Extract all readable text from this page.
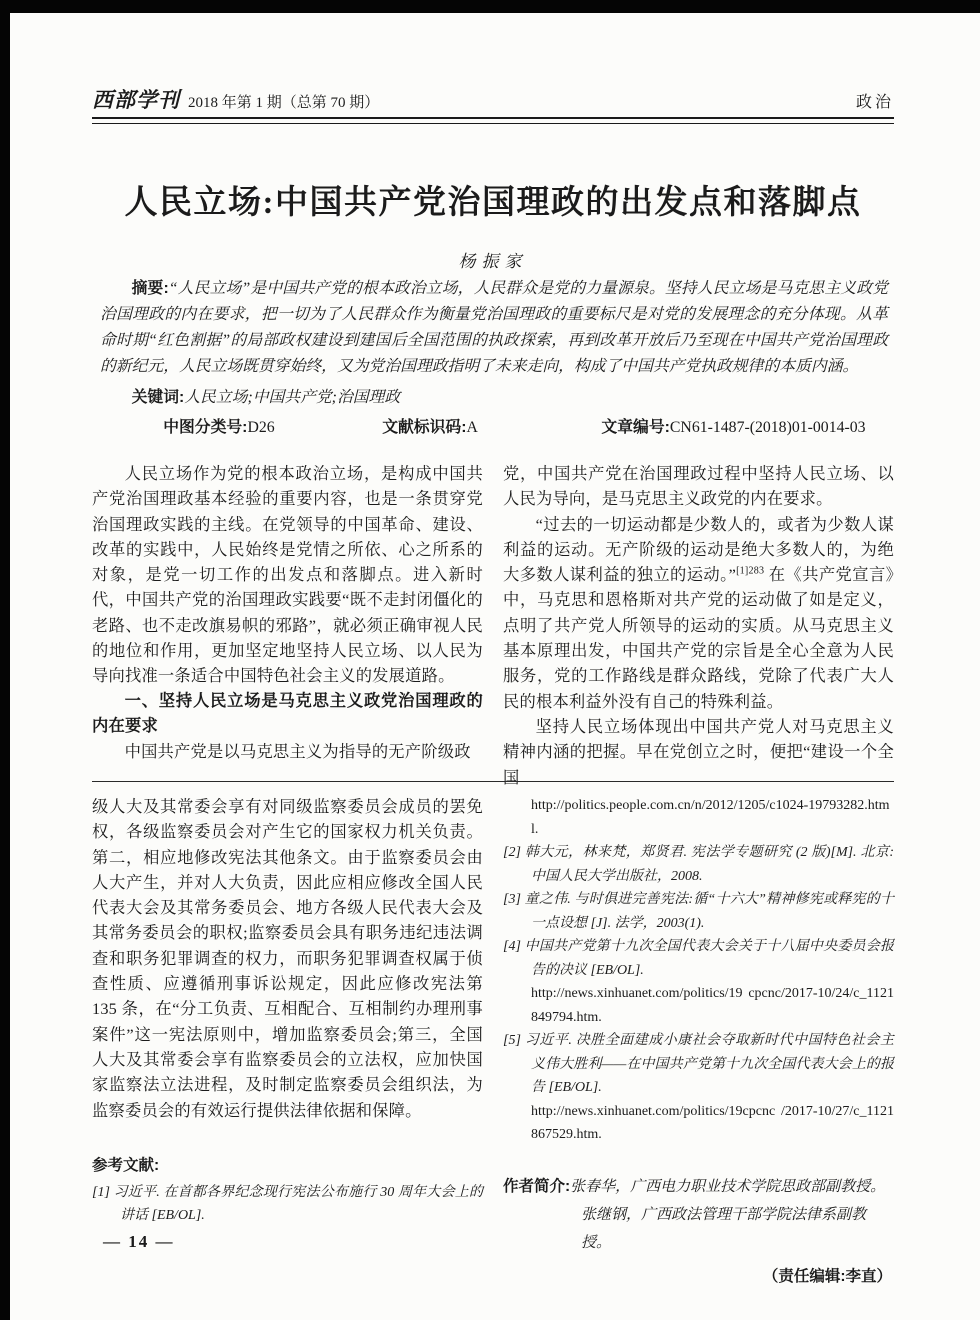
西部学刊 2018 年第 1 期（总第 70 期）	政治
人民立场:中国共产党治国理政的出发点和落脚点
杨振家

摘要:“人民立场”是中国共产党的根本政治立场，人民群众是党的力量源泉。坚持人民立场是马克思主义政党治国理政的内在要求，把一切为了人民群众作为衡量党治国理政的重要标尺是对党的发展理念的充分体现。从革命时期“红色割据”的局部政权建设到建国后全国范围的执政探索，再到改革开放后乃至现在中国共产党治国理政的新纪元，人民立场既贯穿始终，又为党治国理政指明了未来走向，构成了中国共产党执政规律的本质内涵。

关键词:人民立场;中国共产党;治国理政
中图分类号:D26	文献标识码:A	文章编号:CN61-1487-(2018)01-0014-03

人民立场作为党的根本政治立场，是构成中国共产党治国理政基本经验的重要内容，也是一条贯穿党治国理政实践的主线。在党领导的中国革命、建设、改革的实践中，人民始终是党情之所依、心之所系的对象，是党一切工作的出发点和落脚点。进入新时代，中国共产党的治国理政实践要“既不走封闭僵化的老路、也不走改旗易帜的邪路”，就必须正确审视人民的地位和作用，更加坚定地坚持人民立场、以人民为导向找准一条适合中国特色社会主义的发展道路。

一、坚持人民立场是马克思主义政党治国理政的内在要求

中国共产党是以马克思主义为指导的无产阶级政

党，中国共产党在治国理政过程中坚持人民立场、以人民为导向，是马克思主义政党的内在要求。

“过去的一切运动都是少数人的，或者为少数人谋利益的运动。无产阶级的运动是绝大多数人的，为绝大多数人谋利益的独立的运动。”$^{[1]283}$ 在《共产党宣言》中，马克思和恩格斯对共产党的运动做了如是定义，点明了共产党人所领导的运动的实质。从马克思主义基本原理出发，中国共产党的宗旨是全心全意为人民服务，党的工作路线是群众路线，党除了代表广大人民的根本利益外没有自己的特殊利益。

坚持人民立场体现出中国共产党人对马克思主义精神内涵的把握。早在党创立之时，便把“建设一个全国

级人大及其常委会享有对同级监察委员会成员的罢免权，各级监察委员会对产生它的国家权力机关负责。第二，相应地修改宪法其他条文。由于监察委员会由人大产生，并对人大负责，因此应相应修改全国人民代表大会及其常务委员会、地方各级人民代表大会及其常务委员会的职权;监察委员会具有职务违纪违法调查和职务犯罪调查的权力，而职务犯罪调查权属于侦查性质、应遵循刑事诉讼规定，因此应修改宪法第 135 条，在“分工负责、互相配合、互相制约办理刑事案件”这一宪法原则中，增加监察委员会;第三，全国人大及其常委会享有监察委员会的立法权，应加快国家监察法立法进程，及时制定监察委员会组织法，为监察委员会的有效运行提供法律依据和保障。

参考文献:

[1] 习近平. 在首都各界纪念现行宪法公布施行 30 周年大会上的讲话 [EB/OL].

http://politics.people.com.cn/n/2012/1205/c1024-19793282.html.

[2] 韩大元，林来梵，郑贤君. 宪法学专题研究 (2 版)[M]. 北京:中国人民大学出版社，2008.

[3] 童之伟. 与时俱进完善宪法:循“十六大”精神修宪或释宪的十一点设想 [J]. 法学，2003(1).

[4] 中国共产党第十九次全国代表大会关于十八届中央委员会报告的决议 [EB/OL].

http://news.xinhuanet.com/politics/19 cpcnc/2017-10/24/c_1121849794.htm.

[5] 习近平. 决胜全面建成小康社会夺取新时代中国特色社会主义伟大胜利——在中国共产党第十九次全国代表大会上的报告 [EB/OL].

http://news.xinhuanet.com/politics/19cpcnc /2017-10/27/c_1121867529.htm.

作者简介:张春华，广西电力职业技术学院思政部副教授。
张继钢，广西政法管理干部学院法律系副教授。
（责任编辑:李直）
— 14 —
